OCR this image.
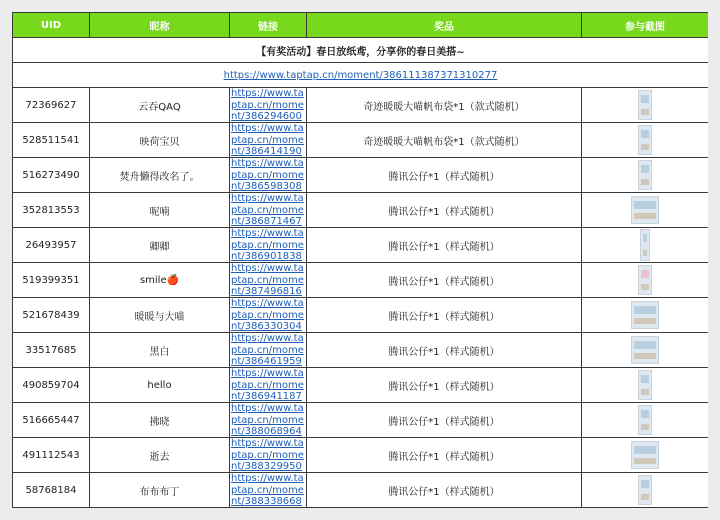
UID	昵称	链接	奖品	参与截图
【有奖活动】春日放纸鸢，分享你的春日美搭~				
https://www.taptap.cn/moment/386111387371310277				
72369627	云吞QAQ	https://www.taptap.cn/moment/386294600	奇迹暖暖大喵帆布袋*1（款式随机）	
528511541	映荷宝贝	https://www.taptap.cn/moment/386414190	奇迹暖暖大喵帆布袋*1（款式随机）	
516273490	焚舟懒得改名了。	https://www.taptap.cn/moment/386598308	腾讯公仔*1（样式随机）	
352813553	呢喃	https://www.taptap.cn/moment/386871467	腾讯公仔*1（样式随机）	
26493957	卿卿	https://www.taptap.cn/moment/386901838	腾讯公仔*1（样式随机）	
519399351	smile🍎	https://www.taptap.cn/moment/387496816	腾讯公仔*1（样式随机）	
521678439	暖暖与大喵	https://www.taptap.cn/moment/386330304	腾讯公仔*1（样式随机）	
33517685	黑白	https://www.taptap.cn/moment/386461959	腾讯公仔*1（样式随机）	
490859704	hello	https://www.taptap.cn/moment/386941187	腾讯公仔*1（样式随机）	
516665447	拂晓	https://www.taptap.cn/moment/388068964	腾讯公仔*1（样式随机）	
491112543	逝去	https://www.taptap.cn/moment/388329950	腾讯公仔*1（样式随机）	
58768184	布布布丁	https://www.taptap.cn/moment/388338668	腾讯公仔*1（样式随机）	
